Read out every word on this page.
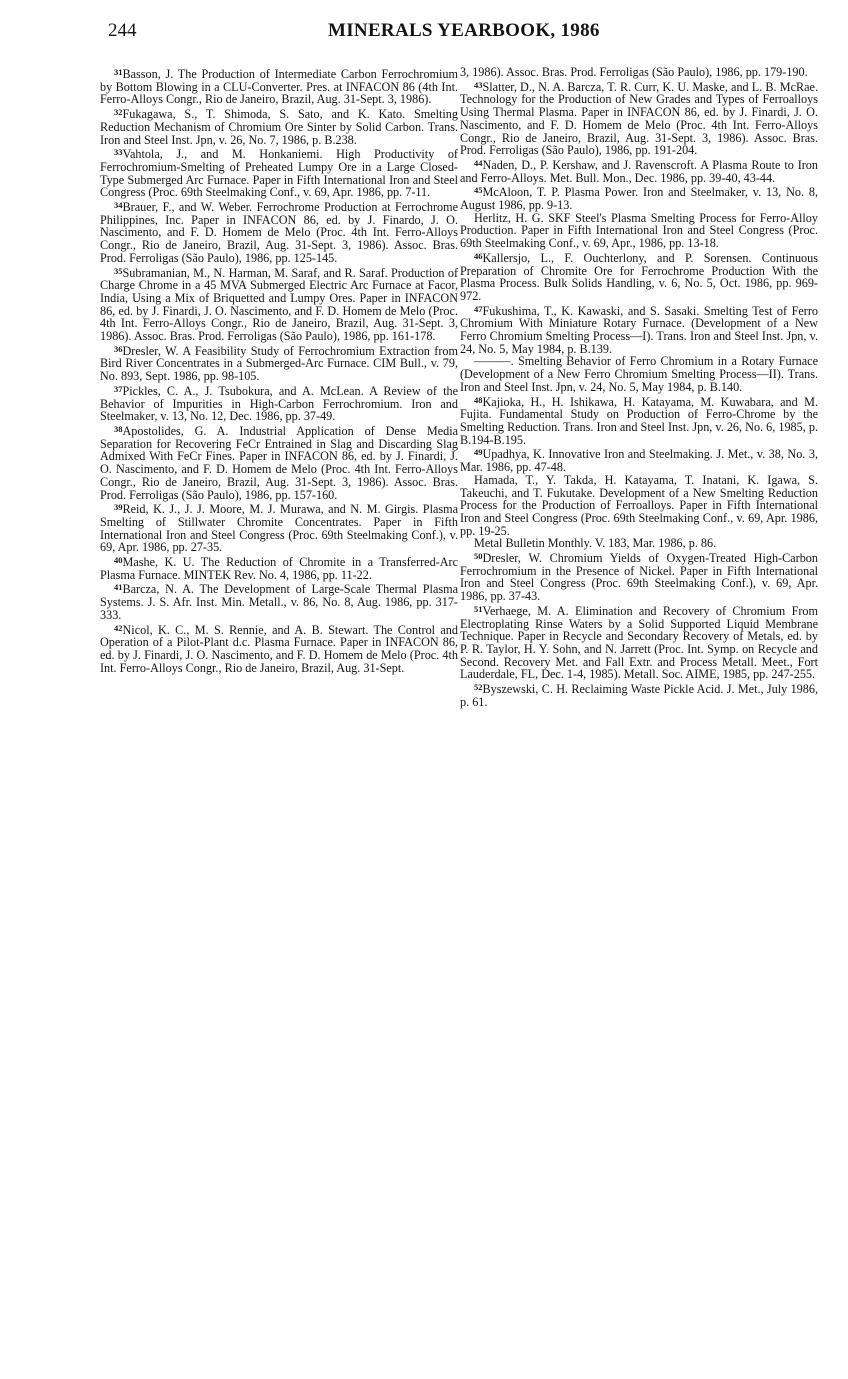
244	MINERALS YEARBOOK, 1986

$^{31}$Basson, J. The Production of Intermediate Carbon Ferrochromium by Bottom Blowing in a CLU-Converter. Pres. at INFACON 86 (4th Int. Ferro-Alloys Congr., Rio de Janeiro, Brazil, Aug. 31-Sept. 3, 1986).

$^{32}$Fukagawa, S., T. Shimoda, S. Sato, and K. Kato. Smelting Reduction Mechanism of Chromium Ore Sinter by Solid Carbon. Trans. Iron and Steel Inst. Jpn, v. 26, No. 7, 1986, p. B.238.

$^{33}$Vahtola, J., and M. Honkaniemi. High Productivity of Ferrochromium-Smelting of Preheated Lumpy Ore in a Large Closed-Type Submerged Arc Furnace. Paper in Fifth International Iron and Steel Congress (Proc. 69th Steelmaking Conf., v. 69, Apr. 1986, pp. 7-11.

$^{34}$Brauer, F., and W. Weber. Ferrochrome Production at Ferrochrome Philippines, Inc. Paper in INFACON 86, ed. by J. Finardo, J. O. Nascimento, and F. D. Homem de Melo (Proc. 4th Int. Ferro-Alloys Congr., Rio de Janeiro, Brazil, Aug. 31-Sept. 3, 1986). Assoc. Bras. Prod. Ferroligas (São Paulo), 1986, pp. 125-145.

$^{35}$Subramanian, M., N. Harman, M. Saraf, and R. Saraf. Production of Charge Chrome in a 45 MVA Submerged Electric Arc Furnace at Facor, India, Using a Mix of Briquetted and Lumpy Ores. Paper in INFACON 86, ed. by J. Finardi, J. O. Nascimento, and F. D. Homem de Melo (Proc. 4th Int. Ferro-Alloys Congr., Rio de Janeiro, Brazil, Aug. 31-Sept. 3, 1986). Assoc. Bras. Prod. Ferroligas (São Paulo), 1986, pp. 161-178.

$^{36}$Dresler, W. A Feasibility Study of Ferrochromium Extraction from Bird River Concentrates in a Submerged-Arc Furnace. CIM Bull., v. 79, No. 893, Sept. 1986, pp. 98-105.

$^{37}$Pickles, C. A., J. Tsubokura, and A. McLean. A Review of the Behavior of Impurities in High-Carbon Ferrochromium. Iron and Steelmaker, v. 13, No. 12, Dec. 1986, pp. 37-49.

$^{38}$Apostolides, G. A. Industrial Application of Dense Media Separation for Recovering FeCr Entrained in Slag and Discarding Slag Admixed With FeCr Fines. Paper in INFACON 86, ed. by J. Finardi, J. O. Nascimento, and F. D. Homem de Melo (Proc. 4th Int. Ferro-Alloys Congr., Rio de Janeiro, Brazil, Aug. 31-Sept. 3, 1986). Assoc. Bras. Prod. Ferroligas (São Paulo), 1986, pp. 157-160.

$^{39}$Reid, K. J., J. J. Moore, M. J. Murawa, and N. M. Girgis. Plasma Smelting of Stillwater Chromite Concentrates. Paper in Fifth International Iron and Steel Congress (Proc. 69th Steelmaking Conf.), v. 69, Apr. 1986, pp. 27-35.

$^{40}$Mashe, K. U. The Reduction of Chromite in a Transferred-Arc Plasma Furnace. MINTEK Rev. No. 4, 1986, pp. 11-22.

$^{41}$Barcza, N. A. The Development of Large-Scale Thermal Plasma Systems. J. S. Afr. Inst. Min. Metall., v. 86, No. 8, Aug. 1986, pp. 317-333.

$^{42}$Nicol, K. C., M. S. Rennie, and A. B. Stewart. The Control and Operation of a Pilot-Plant d.c. Plasma Furnace. Paper in INFACON 86, ed. by J. Finardi, J. O. Nascimento, and F. D. Homem de Melo (Proc. 4th Int. Ferro-Alloys Congr., Rio de Janeiro, Brazil, Aug. 31-Sept.

3, 1986). Assoc. Bras. Prod. Ferroligas (São Paulo), 1986, pp. 179-190.

$^{43}$Slatter, D., N. A. Barcza, T. R. Curr, K. U. Maske, and L. B. McRae. Technology for the Production of New Grades and Types of Ferroalloys Using Thermal Plasma. Paper in INFACON 86, ed. by J. Finardi, J. O. Nascimento, and F. D. Homem de Melo (Proc. 4th Int. Ferro-Alloys Congr., Rio de Janeiro, Brazil, Aug. 31-Sept. 3, 1986). Assoc. Bras. Prod. Ferroligas (São Paulo), 1986, pp. 191-204.

$^{44}$Naden, D., P. Kershaw, and J. Ravenscroft. A Plasma Route to Iron and Ferro-Alloys. Met. Bull. Mon., Dec. 1986, pp. 39-40, 43-44.

$^{45}$McAloon, T. P. Plasma Power. Iron and Steelmaker, v. 13, No. 8, August 1986, pp. 9-13.

Herlitz, H. G. SKF Steel's Plasma Smelting Process for Ferro-Alloy Production. Paper in Fifth International Iron and Steel Congress (Proc. 69th Steelmaking Conf., v. 69, Apr., 1986, pp. 13-18.

$^{46}$Kallersjo, L., F. Ouchterlony, and P. Sorensen. Continuous Preparation of Chromite Ore for Ferrochrome Production With the Plasma Process. Bulk Solids Handling, v. 6, No. 5, Oct. 1986, pp. 969-972.

$^{47}$Fukushima, T., K. Kawaski, and S. Sasaki. Smelting Test of Ferro Chromium With Miniature Rotary Furnace. (Development of a New Ferro Chromium Smelting Process—I). Trans. Iron and Steel Inst. Jpn, v. 24, No. 5, May 1984, p. B.139.

———. Smelting Behavior of Ferro Chromium in a Rotary Furnace (Development of a New Ferro Chromium Smelting Process—II). Trans. Iron and Steel Inst. Jpn, v. 24, No. 5, May 1984, p. B.140.

$^{48}$Kajioka, H., H. Ishikawa, H. Katayama, M. Kuwabara, and M. Fujita. Fundamental Study on Production of Ferro-Chrome by the Smelting Reduction. Trans. Iron and Steel Inst. Jpn, v. 26, No. 6, 1985, p. B.194-B.195.

$^{49}$Upadhya, K. Innovative Iron and Steelmaking. J. Met., v. 38, No. 3, Mar. 1986, pp. 47-48.

Hamada, T., Y. Takda, H. Katayama, T. Inatani, K. Igawa, S. Takeuchi, and T. Fukutake. Development of a New Smelting Reduction Process for the Production of Ferroalloys. Paper in Fifth International Iron and Steel Congress (Proc. 69th Steelmaking Conf., v. 69, Apr. 1986, pp. 19-25.

Metal Bulletin Monthly. V. 183, Mar. 1986, p. 86.

$^{50}$Dresler, W. Chromium Yields of Oxygen-Treated High-Carbon Ferrochromium in the Presence of Nickel. Paper in Fifth International Iron and Steel Congress (Proc. 69th Steelmaking Conf.), v. 69, Apr. 1986, pp. 37-43.

$^{51}$Verhaege, M. A. Elimination and Recovery of Chromium From Electroplating Rinse Waters by a Solid Supported Liquid Membrane Technique. Paper in Recycle and Secondary Recovery of Metals, ed. by P. R. Taylor, H. Y. Sohn, and N. Jarrett (Proc. Int. Symp. on Recycle and Second. Recovery Met. and Fall Extr. and Process Metall. Meet., Fort Lauderdale, FL, Dec. 1-4, 1985). Metall. Soc. AIME, 1985, pp. 247-255.

$^{52}$Byszewski, C. H. Reclaiming Waste Pickle Acid. J. Met., July 1986, p. 61.
